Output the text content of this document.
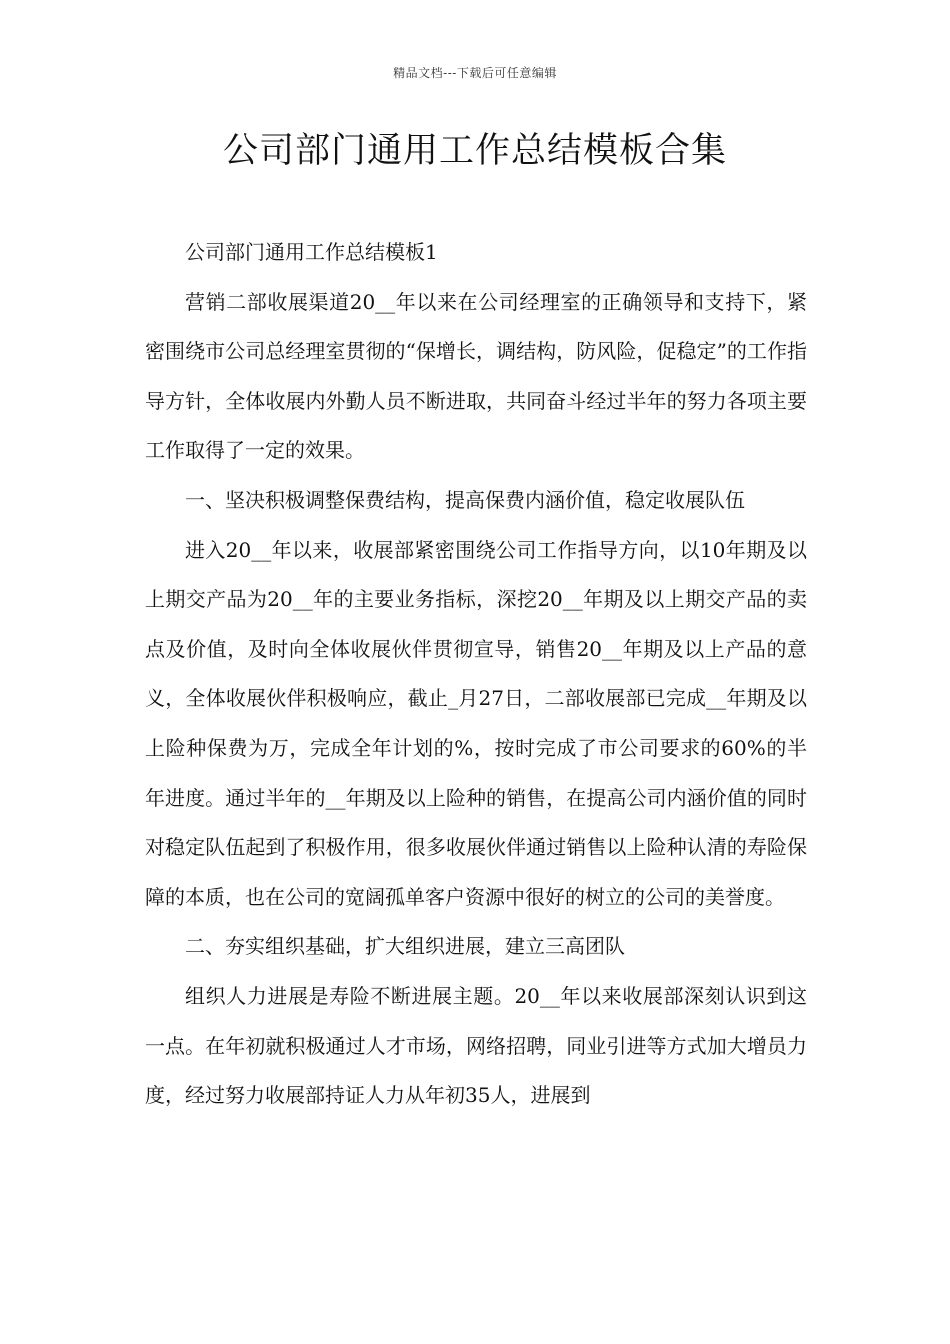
精品文档---下载后可任意编辑
公司部门通用工作总结模板合集

公司部门通用工作总结模板1

营销二部收展渠道20__年以来在公司经理室的正确领导和支持下，紧密围绕市公司总经理室贯彻的“保增长，调结构，防风险，促稳定”的工作指导方针，全体收展内外勤人员不断进取，共同奋斗经过半年的努力各项主要工作取得了一定的效果。

一、坚决积极调整保费结构，提高保费内涵价值，稳定收展队伍

进入20__年以来，收展部紧密围绕公司工作指导方向，以10年期及以上期交产品为20__年的主要业务指标，深挖20__年期及以上期交产品的卖点及价值，及时向全体收展伙伴贯彻宣导，销售20__年期及以上产品的意义，全体收展伙伴积极响应，截止_月27日，二部收展部已完成__年期及以上险种保费为万，完成全年计划的%，按时完成了市公司要求的60%的半年进度。通过半年的__年期及以上险种的销售，在提高公司内涵价值的同时对稳定队伍起到了积极作用，很多收展伙伴通过销售以上险种认清的寿险保障的本质，也在公司的宽阔孤单客户资源中很好的树立的公司的美誉度。

二、夯实组织基础，扩大组织进展，建立三高团队

组织人力进展是寿险不断进展主题。20__年以来收展部深刻认识到这一点。在年初就积极通过人才市场，网络招聘，同业引进等方式加大增员力度，经过努力收展部持证人力从年初35人，进展到
